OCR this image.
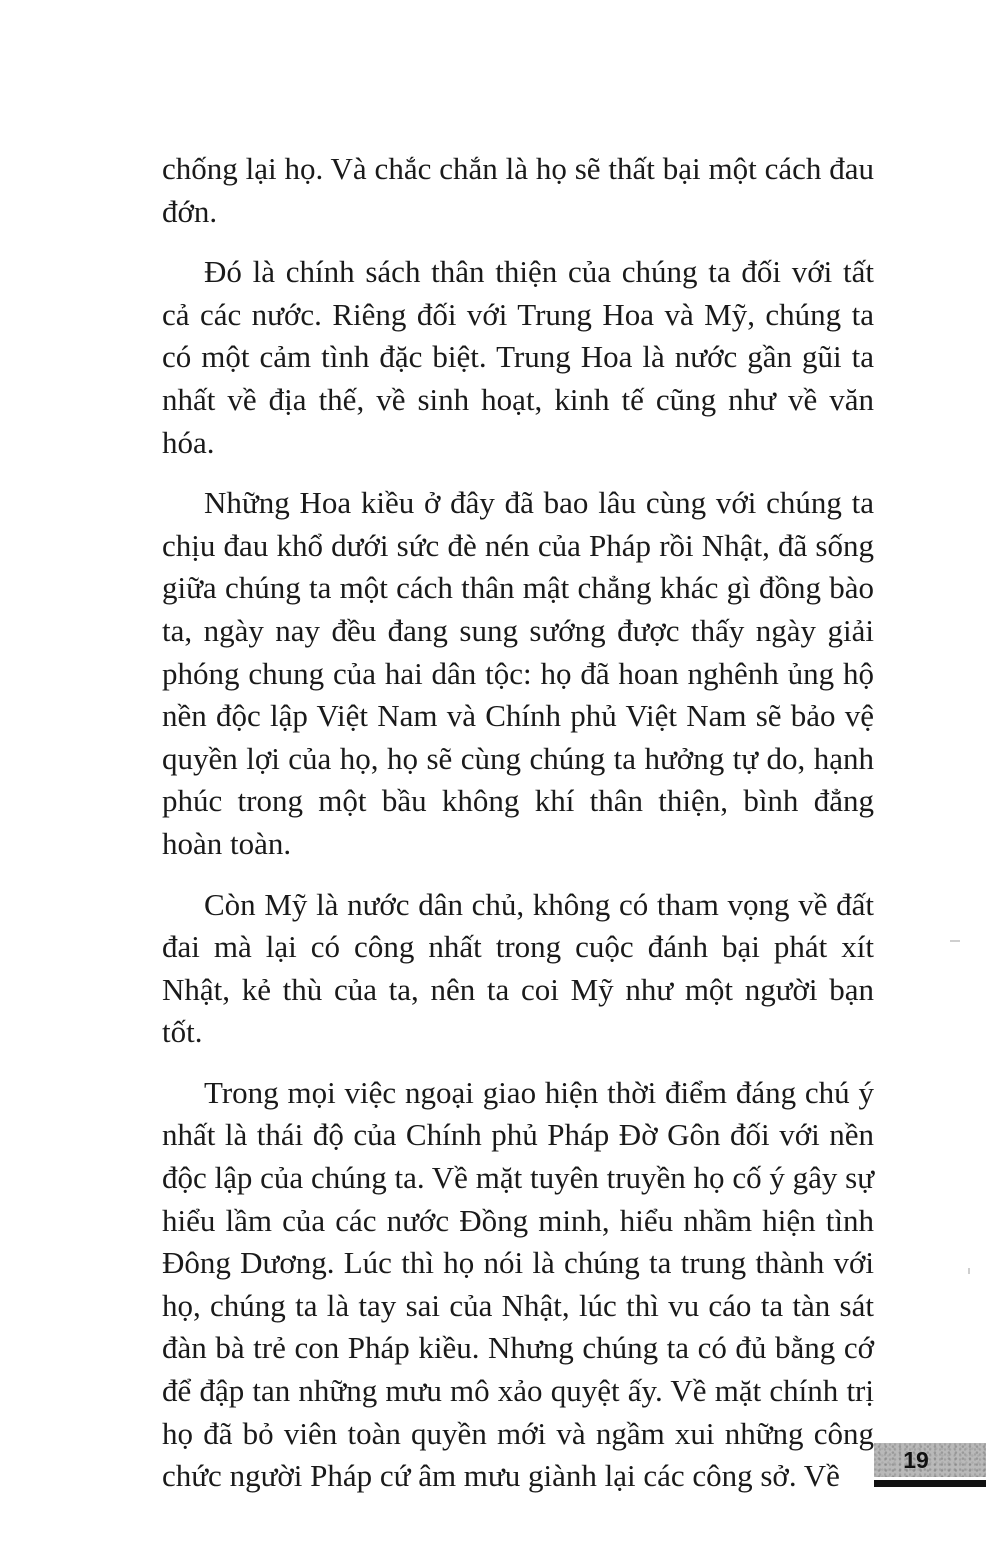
chống lại họ. Và chắc chắn là họ sẽ thất bại một cách đau đớn.

Đó là chính sách thân thiện của chúng ta đối với tất cả các nước. Riêng đối với Trung Hoa và Mỹ, chúng ta có một cảm tình đặc biệt. Trung Hoa là nước gần gũi ta nhất về địa thế, về sinh hoạt, kinh tế cũng như về văn hóa.

Những Hoa kiều ở đây đã bao lâu cùng với chúng ta chịu đau khổ dưới sức đè nén của Pháp rồi Nhật, đã sống giữa chúng ta một cách thân mật chẳng khác gì đồng bào ta, ngày nay đều đang sung sướng được thấy ngày giải phóng chung của hai dân tộc: họ đã hoan nghênh ủng hộ nền độc lập Việt Nam và Chính phủ Việt Nam sẽ bảo vệ quyền lợi của họ, họ sẽ cùng chúng ta hưởng tự do, hạnh phúc trong một bầu không khí thân thiện, bình đẳng hoàn toàn.

Còn Mỹ là nước dân chủ, không có tham vọng về đất đai mà lại có công nhất trong cuộc đánh bại phát xít Nhật, kẻ thù của ta, nên ta coi Mỹ như một người bạn tốt.

Trong mọi việc ngoại giao hiện thời điểm đáng chú ý nhất là thái độ của Chính phủ Pháp Đờ Gôn đối với nền độc lập của chúng ta. Về mặt tuyên truyền họ cố ý gây sự hiểu lầm của các nước Đồng minh, hiểu nhầm hiện tình Đông Dương. Lúc thì họ nói là chúng ta trung thành với họ, chúng ta là tay sai của Nhật, lúc thì vu cáo ta tàn sát đàn bà trẻ con Pháp kiều. Nhưng chúng ta có đủ bằng cớ để đập tan những mưu mô xảo quyệt ấy. Về mặt chính trị họ đã bỏ viên toàn quyền mới và ngầm xui những công chức người Pháp cứ âm mưu giành lại các công sở. Về	19
